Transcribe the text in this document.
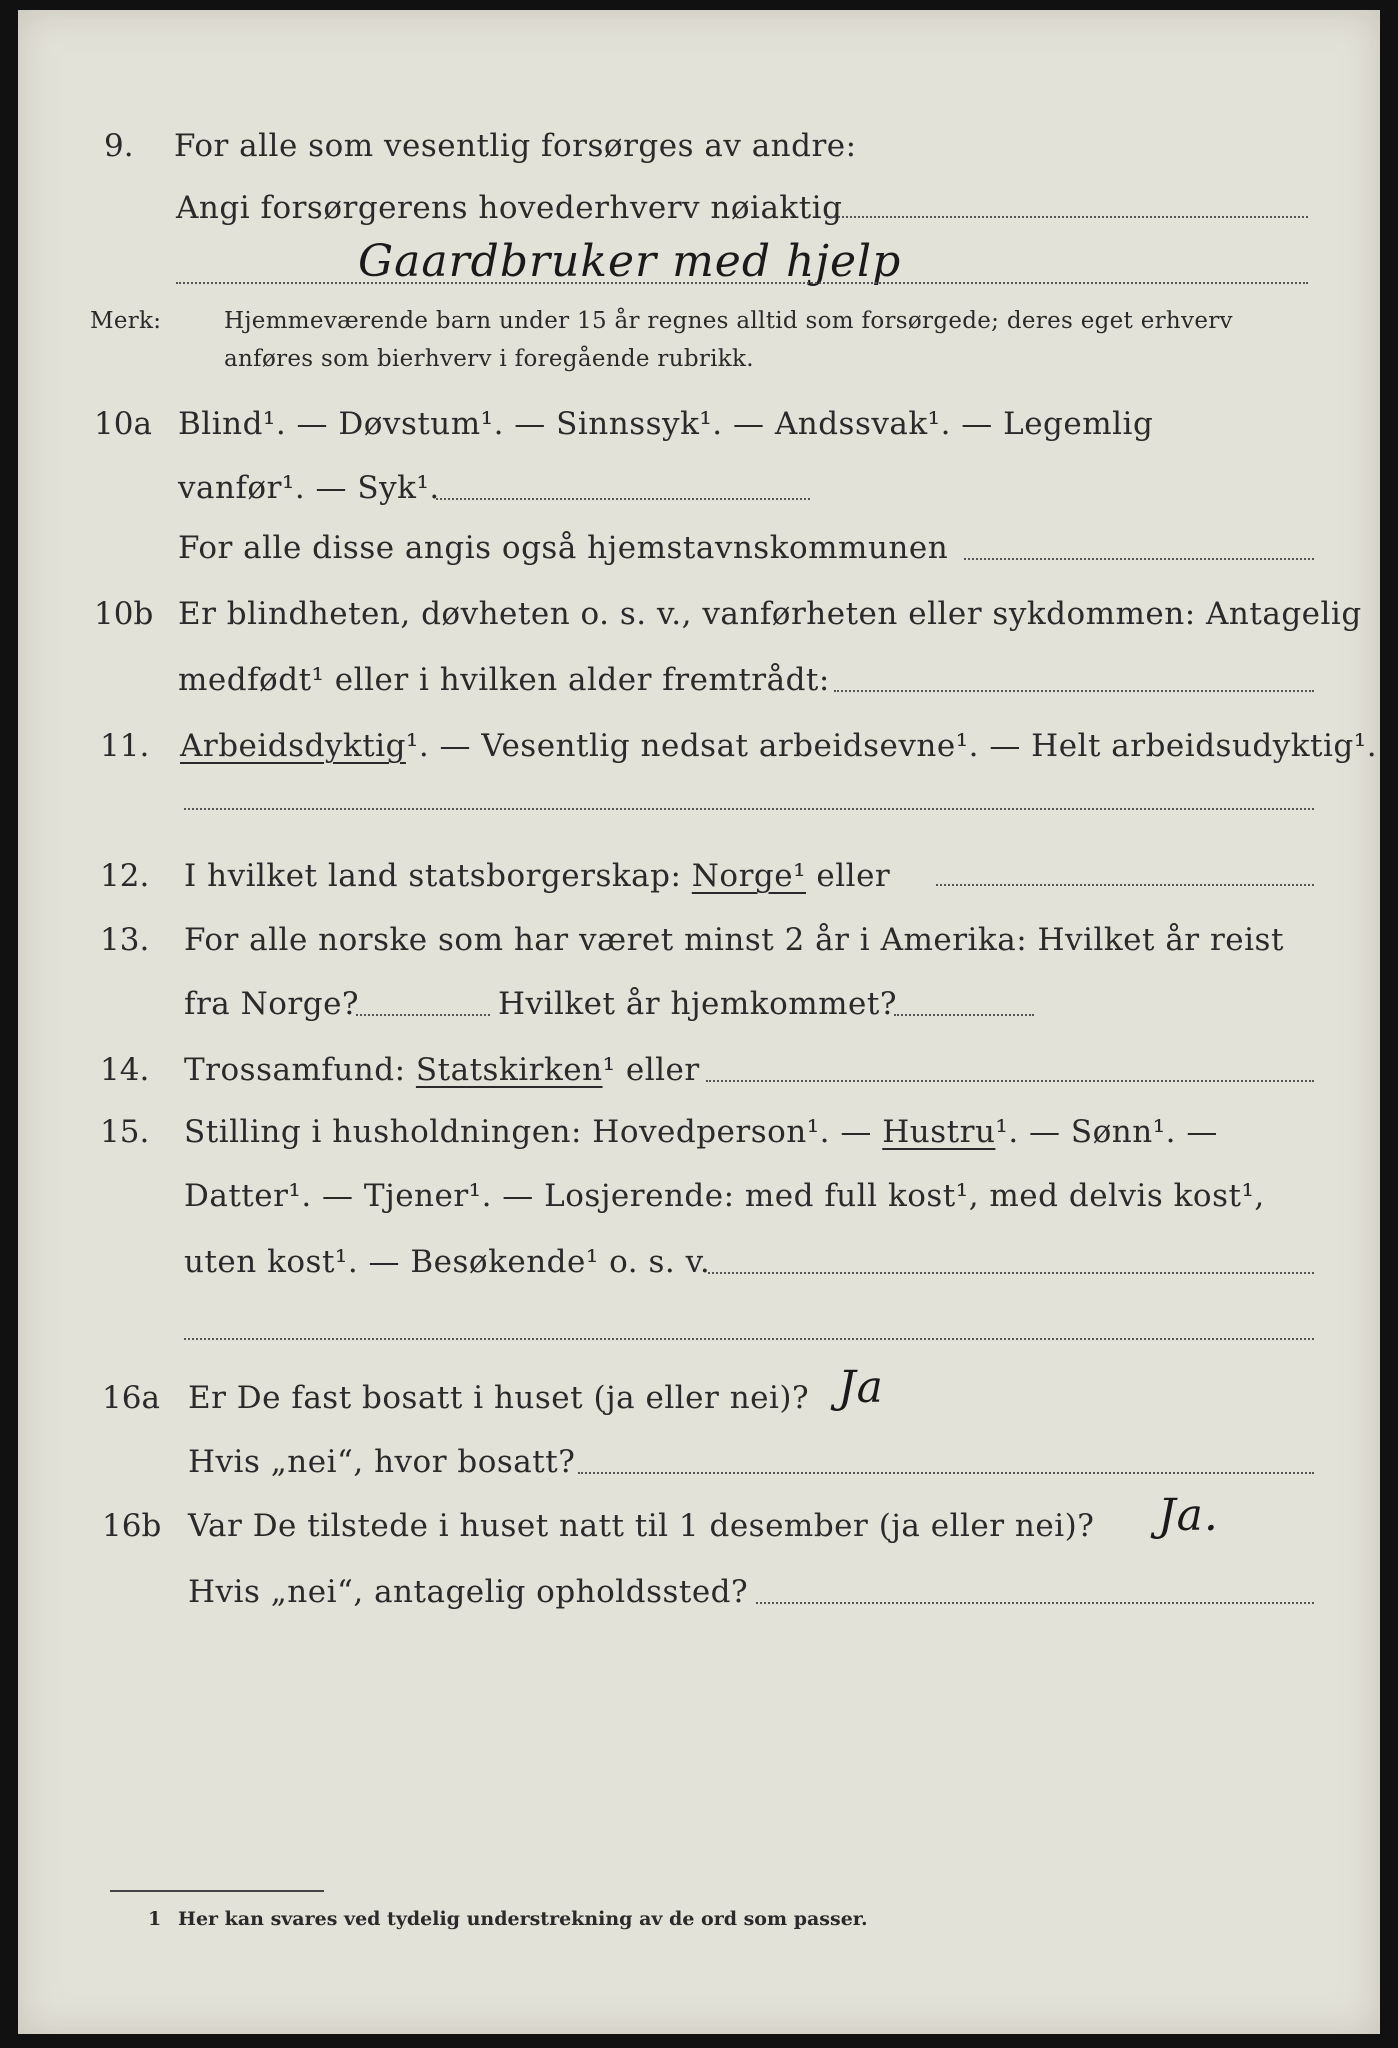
9. For alle som vesentlig forsørges av andre:
Angi forsørgerens hovederhverv nøiaktig
Gaardbruker med hjelp
Merk:	Hjemmeværende barn under 15 år regnes alltid som forsørgede; deres eget erhverv
anføres som bierhverv i foregående rubrikk.
10a Blind¹. — Døvstum¹. — Sinnssyk¹. — Andssvak¹. — Legemlig
vanfør¹. — Syk¹.
For alle disse angis også hjemstavnskommunen
10b Er blindheten, døvheten o. s. v., vanførheten eller sykdommen: Antagelig
medfødt¹ eller i hvilken alder fremtrådt:
11. Arbeidsdyktig¹. — Vesentlig nedsat arbeidsevne¹. — Helt arbeidsudyktig¹.
12. I hvilket land statsborgerskap: Norge¹ eller
13. For alle norske som har været minst 2 år i Amerika: Hvilket år reist
fra Norge?	Hvilket år hjemkommet?
14. Trossamfund: Statskirken¹ eller
15. Stilling i husholdningen: Hovedperson¹. — Hustru¹. — Sønn¹. —
Datter¹. — Tjener¹. — Losjerende: med full kost¹, med delvis kost¹,
uten kost¹. — Besøkende¹ o. s. v.
16a Er De fast bosatt i huset (ja eller nei)? Ja
Hvis „nei“, hvor bosatt?
16b Var De tilstede i huset natt til 1 desember (ja eller nei)? Ja.
Hvis „nei“, antagelig opholdssted?
1 Her kan svares ved tydelig understrekning av de ord som passer.
